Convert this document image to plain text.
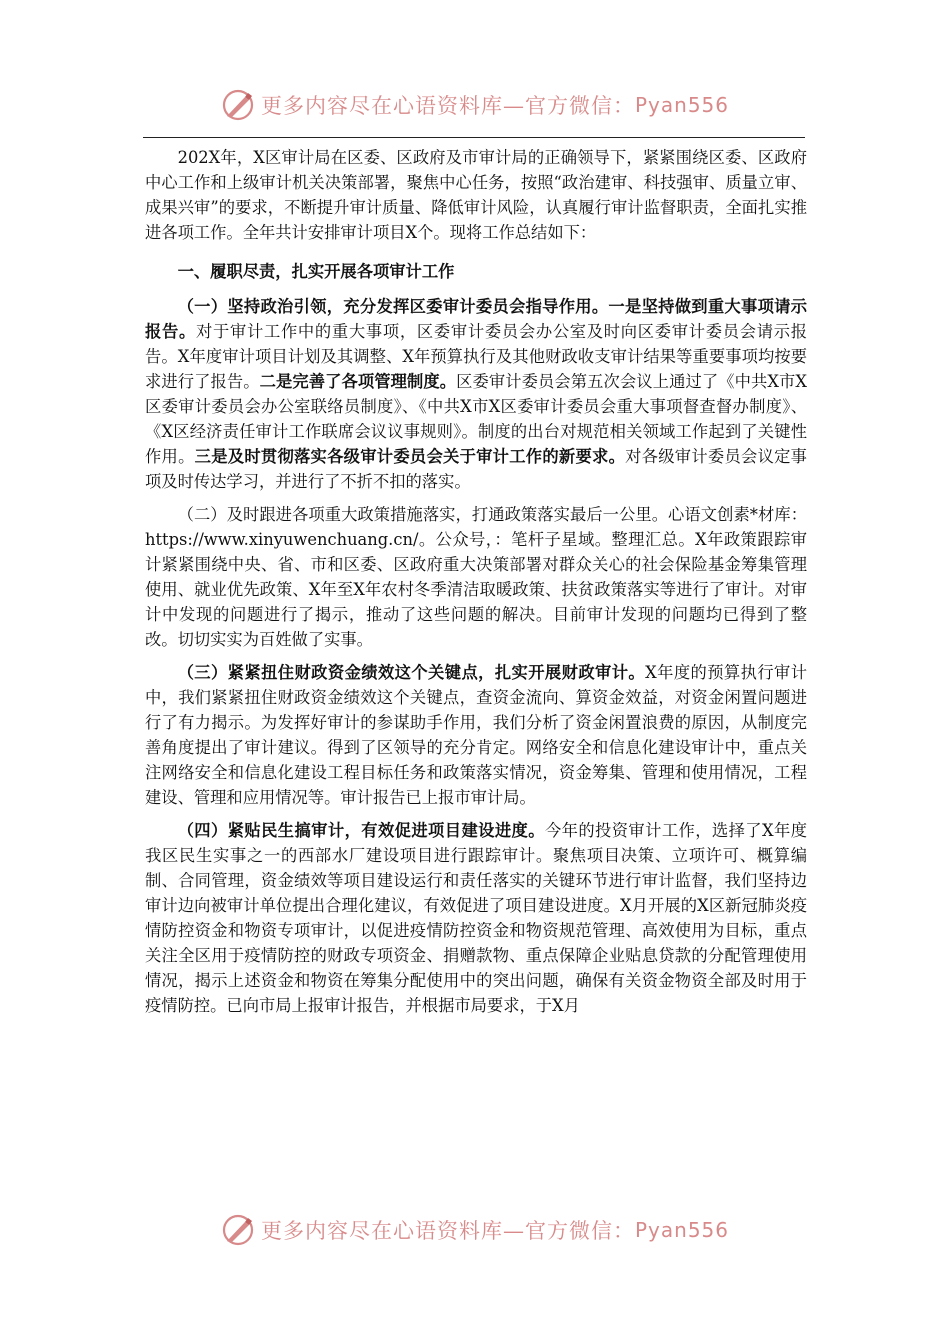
更多内容尽在心语资料库—官方微信： Pyan556

202X年，X区审计局在区委、区政府及市审计局的正确领导下，紧紧围绕区委、区政府中心工作和上级审计机关决策部署，聚焦中心任务，按照“政治建审、科技强审、质量立审、成果兴审”的要求，不断提升审计质量、降低审计风险，认真履行审计监督职责，全面扎实推进各项工作。全年共计安排审计项目X个。现将工作总结如下：

一、履职尽责，扎实开展各项审计工作

（一）坚持政治引领，充分发挥区委审计委员会指导作用。一是坚持做到重大事项请示报告。对于审计工作中的重大事项，区委审计委员会办公室及时向区委审计委员会请示报告。X年度审计项目计划及其调整、X年预算执行及其他财政收支审计结果等重要事项均按要求进行了报告。二是完善了各项管理制度。区委审计委员会第五次会议上通过了《中共X市X区委审计委员会办公室联络员制度》、《中共X市X区委审计委员会重大事项督查督办制度》、《X区经济责任审计工作联席会议议事规则》。制度的出台对规范相关领域工作起到了关键性作用。三是及时贯彻落实各级审计委员会关于审计工作的新要求。对各级审计委员会议定事项及时传达学习，并进行了不折不扣的落实。

（二）及时跟进各项重大政策措施落实，打通政策落实最后一公里。心语文创素*材库：https://www.xinyuwenchuang.cn/。公众号，：笔杆子星域。整理汇总。X年政策跟踪审计紧紧围绕中央、省、市和区委、区政府重大决策部署对群众关心的社会保险基金筹集管理使用、就业优先政策、X年至X年农村冬季清洁取暖政策、扶贫政策落实等进行了审计。对审计中发现的问题进行了揭示，推动了这些问题的解决。目前审计发现的问题均已得到了整改。切切实实为百姓做了实事。

（三）紧紧扭住财政资金绩效这个关键点，扎实开展财政审计。X年度的预算执行审计中，我们紧紧扭住财政资金绩效这个关键点，查资金流向、算资金效益，对资金闲置问题进行了有力揭示。为发挥好审计的参谋助手作用，我们分析了资金闲置浪费的原因，从制度完善角度提出了审计建议。得到了区领导的充分肯定。网络安全和信息化建设审计中，重点关注网络安全和信息化建设工程目标任务和政策落实情况，资金筹集、管理和使用情况，工程建设、管理和应用情况等。审计报告已上报市审计局。

（四）紧贴民生搞审计，有效促进项目建设进度。今年的投资审计工作，选择了X年度我区民生实事之一的西部水厂建设项目进行跟踪审计。聚焦项目决策、立项许可、概算编制、合同管理，资金绩效等项目建设运行和责任落实的关键环节进行审计监督，我们坚持边审计边向被审计单位提出合理化建议，有效促进了项目建设进度。X月开展的X区新冠肺炎疫情防控资金和物资专项审计，以促进疫情防控资金和物资规范管理、高效使用为目标，重点关注全区用于疫情防控的财政专项资金、捐赠款物、重点保障企业贴息贷款的分配管理使用情况，揭示上述资金和物资在筹集分配使用中的突出问题，确保有关资金物资全部及时用于疫情防控。已向市局上报审计报告，并根据市局要求，于X月

更多内容尽在心语资料库—官方微信： Pyan556
